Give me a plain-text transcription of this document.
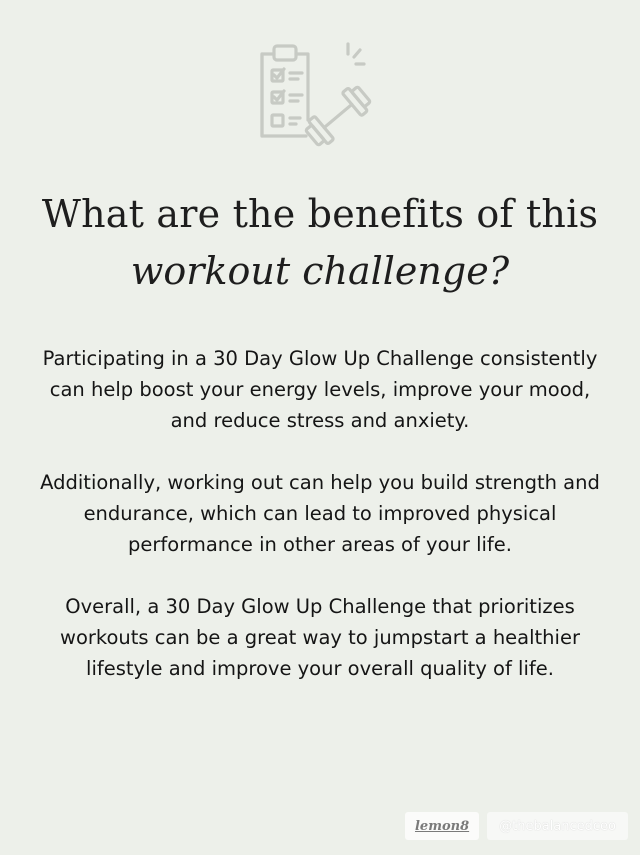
What are the benefits of this
workout challenge?

Participating in a 30 Day Glow Up Challenge consistently can help boost your energy levels, improve your mood, and reduce stress and anxiety.

Additionally, working out can help you build strength and endurance, which can lead to improved physical performance in other areas of your life.

Overall, a 30 Day Glow Up Challenge that prioritizes workouts can be a great way to jumpstart a healthier lifestyle and improve your overall quality of life.

lemon8	@thebalancedceo
